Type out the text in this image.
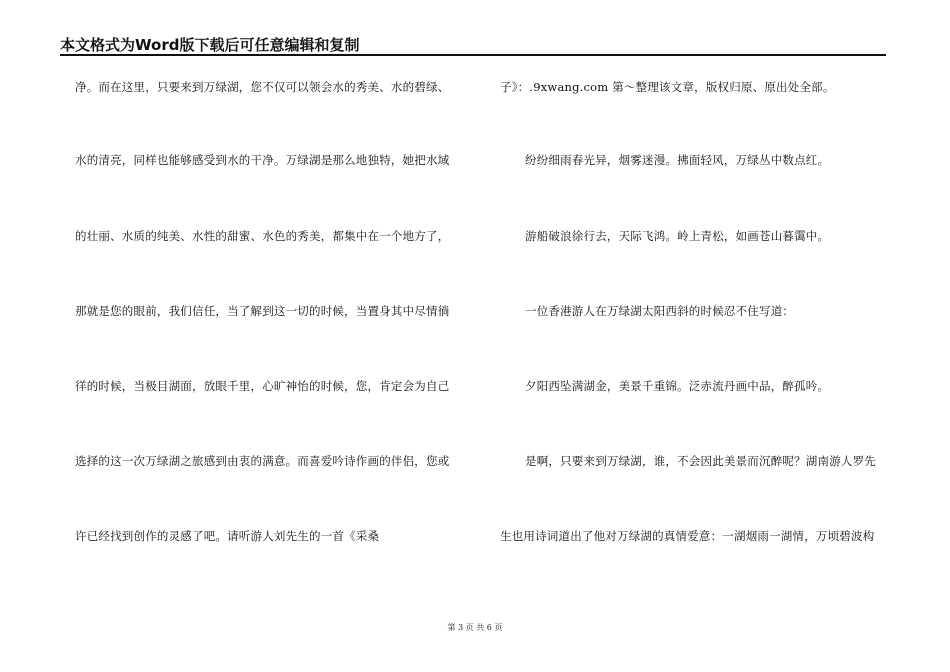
本文格式为Word版下载后可任意编辑和复制
净。而在这里，只要来到万绿湖，您不仅可以领会水的秀美、水的碧绿、
水的清亮，同样也能够感受到水的干净。万绿湖是那么地独特，她把水域
的壮丽、水质的纯美、水性的甜蜜、水色的秀美，都集中在一个地方了，
那就是您的眼前，我们信任，当了解到这一切的时候，当置身其中尽情徜
徉的时候，当极目湖面，放眼千里，心旷神怡的时候，您，肯定会为自己
选择的这一次万绿湖之旅感到由衷的满意。而喜爱吟诗作画的伴侣，您或
许已经找到创作的灵感了吧。请听游人刘先生的一首《采桑
子》：.9xwang.com 第～整理该文章，版权归原、原出处全部。
纷纷细雨春光异，烟雾迷漫。拂面轻风，万绿丛中数点红。
游船破浪徐行去，天际飞鸿。岭上青松，如画苍山暮霭中。
一位香港游人在万绿湖太阳西斜的时候忍不住写道：
夕阳西坠满湖金，美景千重锦。泛赤流丹画中品，醉孤吟。
是啊，只要来到万绿湖，谁，不会因此美景而沉醉呢？湖南游人罗先
生也用诗词道出了他对万绿湖的真情爱意：一湖烟雨一湖情，万顷碧波构
第 3 页 共 6 页
